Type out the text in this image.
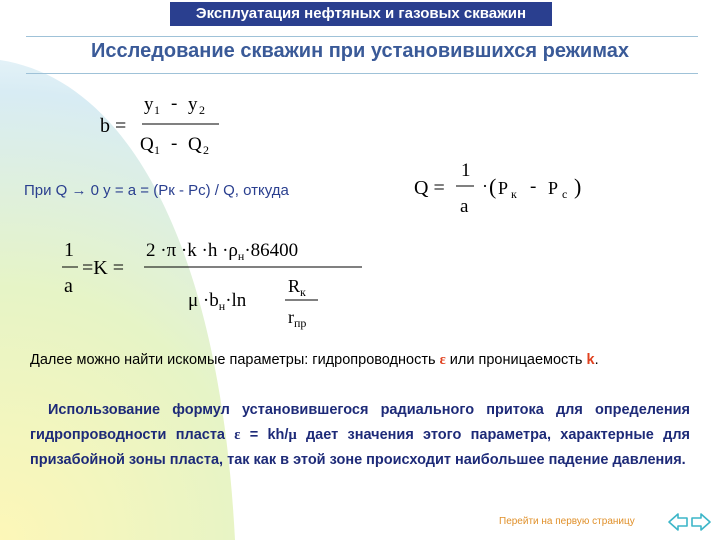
Эксплуатация нефтяных и газовых скважин
Исследование скважин при установившихся режимах
b =
y 1 - y 2
Q 1 - Q 2
При Q → 0 y = a = (Рк - Рс) / Q, откуда	Q =
1
a
· ( P к - P с )
1
a
=K =
$2 \cdot\pi \cdot k \cdot h \cdot\rho_н\cdot 86400$
$\mu \cdot b_н\cdot\ln$
$R_к$
$r_{пр}$
Далее можно найти искомые параметры: гидропроводность ε или проницаемость k.
Использование формул установившегося радиального притока для определения гидропроводности пласта ε = kh/μ дает значения этого параметра, характерные для призабойной зоны пласта, так как в этой зоне происходит наибольшее падение давления.
Перейти на первую страницу
